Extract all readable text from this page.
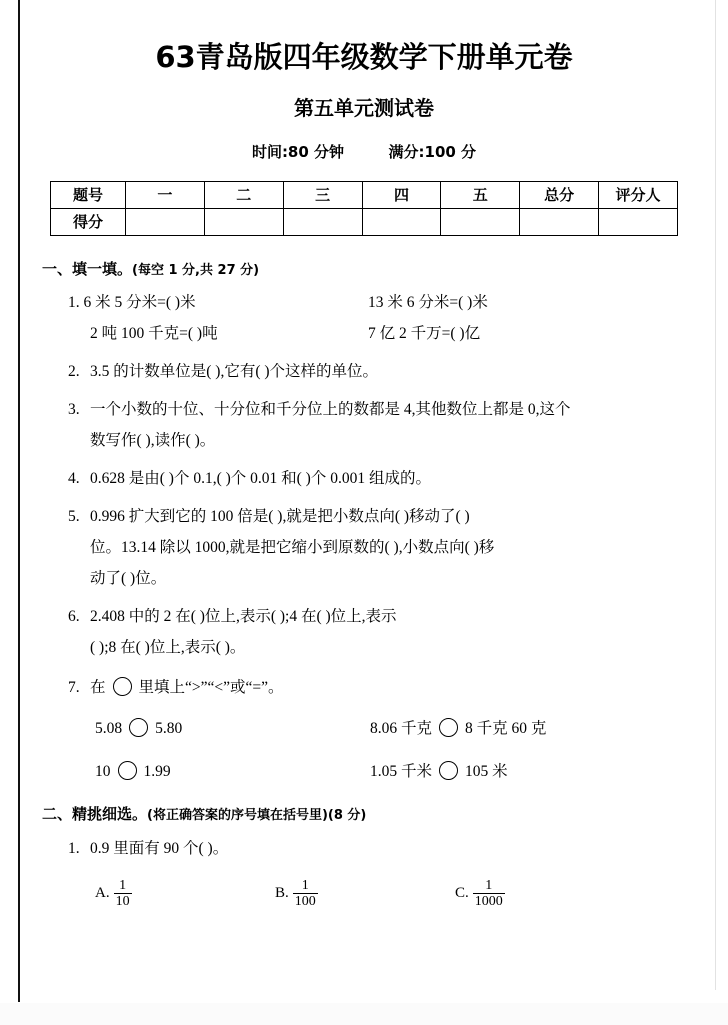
63青岛版四年级数学下册单元卷
第五单元测试卷
时间:80 分钟	满分:100 分
题号	一	二	三	四	五	总分	评分人
得分							
一、填一填。(每空 1 分,共 27 分)
1. 6 米 5 分米=( )米	13 米 6 分米=( )米
2 吨 100 千克=( )吨	7 亿 2 千万=( )亿
2. 3.5 的计数单位是( ),它有( )个这样的单位。
3. 一个小数的十位、十分位和千分位上的数都是 4,其他数位上都是 0,这个
数写作( ),读作( )。
4. 0.628 是由( )个 0.1,( )个 0.01 和( )个 0.001 组成的。
5. 0.996 扩大到它的 100 倍是( ),就是把小数点向( )移动了( )
位。13.14 除以 1000,就是把它缩小到原数的( ),小数点向( )移
动了( )位。
6. 2.408 中的 2 在( )位上,表示( );4 在( )位上,表示
( );8 在( )位上,表示( )。
7. 在 里填上“>”“<”或“=”。
5.08 5.80	8.06 千克 8 千克 60 克
10 1.99	1.05 千米 105 米
二、精挑细选。(将正确答案的序号填在括号里)(8 分)
1. 0.9 里面有 90 个( )。
A. $\frac{1}{10}$	B. $\frac{1}{100}$	C. $\frac{1}{1000}$
